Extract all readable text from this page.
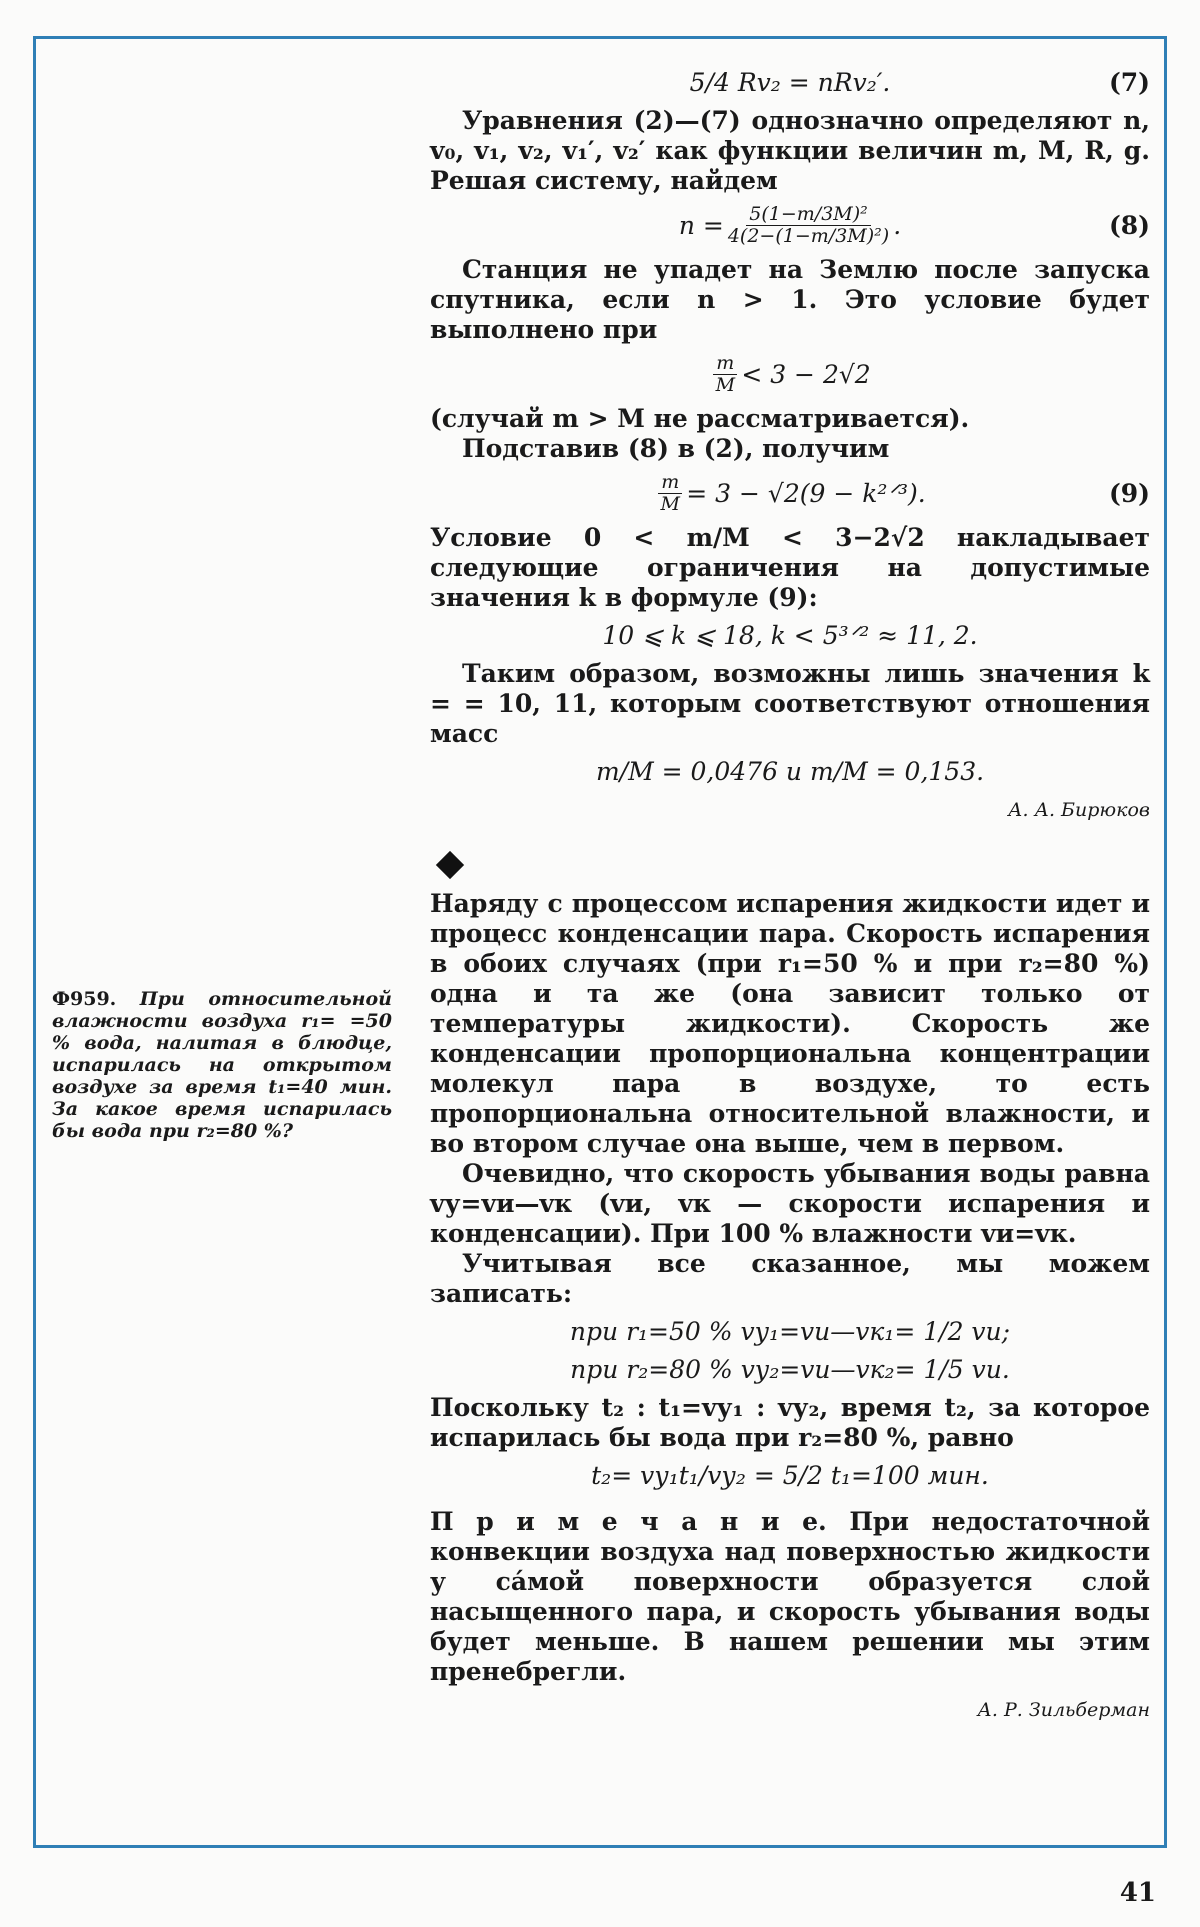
5/4 Rv₂ = nRv₂′.	(7)

Уравнения (2)—(7) однозначно определяют n, v₀, v₁, v₂, v₁′, v₂′ как функции величин m, M, R, g. Решая систему, найдем

$n = \frac{\text{5(1−m/3M)²}}{\text{4(2−(1−m/3M)²)}}$ .	(8)

Станция не упадет на Землю после запуска спутника, если n > 1. Это условие будет выполнено при

$\frac{m}{M} < 3 - 2√2$

(случай m > M не рассматривается).

Подставив (8) в (2), получим

$\frac{m}{M} = 3 - √2(9$ − k²ᐟ³).	(9)

Условие 0 < m/M < 3−2√2 накладывает следующие ограничения на допустимые значения k в формуле (9):

10 ⩽ k ⩽ 18, k < 5³ᐟ² ≈ 11, 2.

Таким образом, возможны лишь значения k = = 10, 11, которым соответствуют отношения масс

m/M = 0,0476 и m/M = 0,153.

А. А. Бирюков

Наряду с процессом испарения жидкости идет и процесс конденсации пара. Скорость испарения в обоих случаях (при r₁=50 % и при r₂=80 %) одна и та же (она зависит только от температуры жидкости). Скорость же конденсации пропорциональна концентрации молекул пара в воздухе, то есть пропорциональна относительной влажности, и во втором случае она выше, чем в первом.

Очевидно, что скорость убывания воды равна vу=vи—vк (vи, vк — скорости испарения и конденсации). При 100 % влажности vи=vк.

Учитывая все сказанное, мы можем записать:

при r₁=50 % vу₁=vи—vк₁= 1/2 vи;
при r₂=80 % vу₂=vи—vк₂= 1/5 vи.

Поскольку t₂ : t₁=vу₁ : vу₂, время t₂, за которое испарилась бы вода при r₂=80 %, равно

t₂= vу₁t₁/vу₂ = 5/2 t₁=100 мин.

П р и м е ч а н и е. При недостаточной конвекции воздуха над поверхностью жидкости у са́мой поверхности образуется слой насыщенного пара, и скорость убывания воды будет меньше. В нашем решении мы этим пренебрегли.

А. Р. Зильберман

Ф959. При относительной влажности воздуха r₁= =50 % вода, налитая в блюдце, испарилась на открытом воздухе за время t₁=40 мин. За какое время испарилась бы вода при r₂=80 %?
41
